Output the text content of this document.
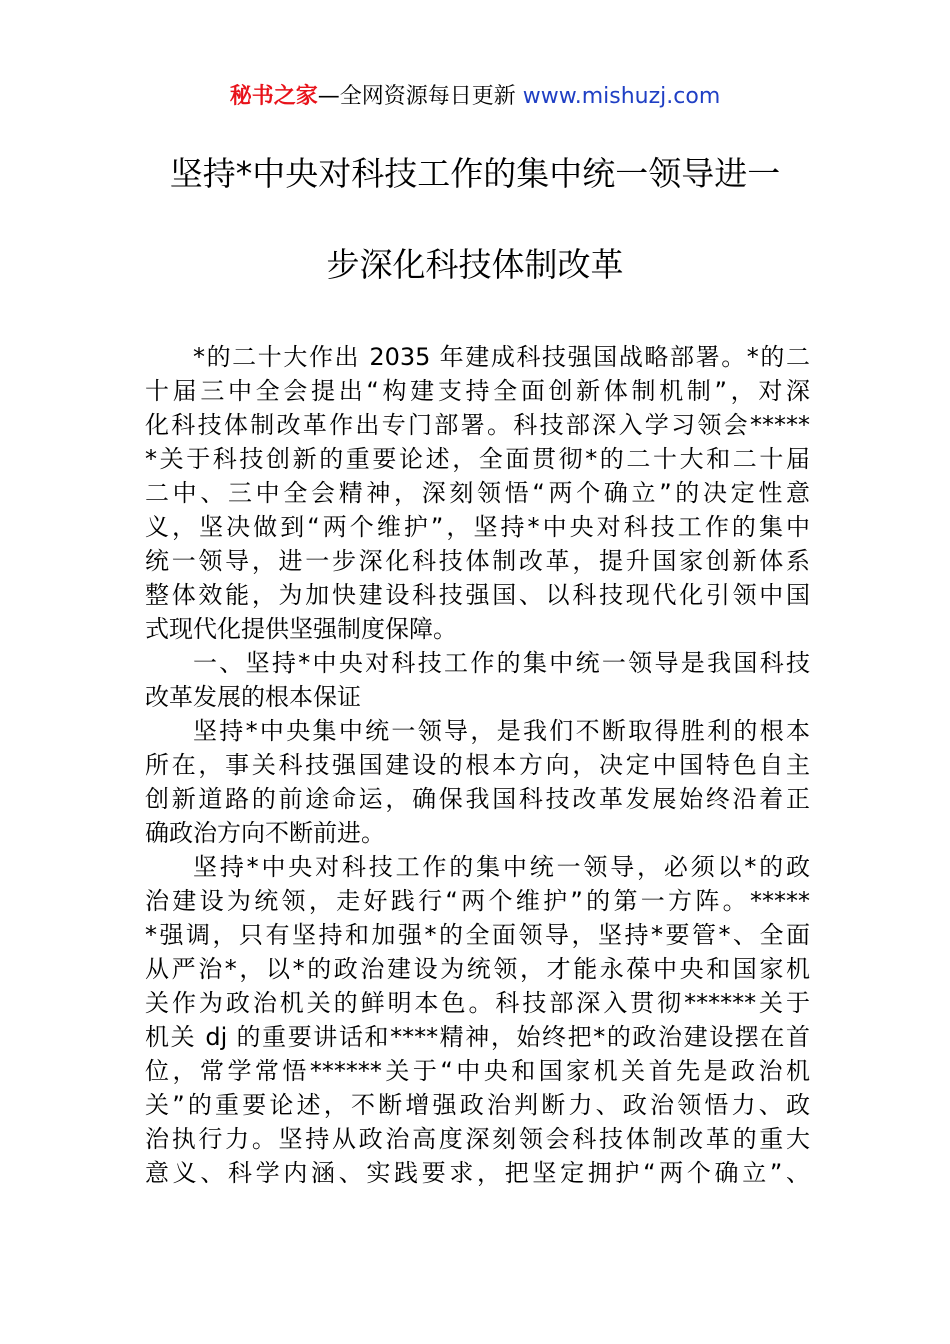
秘书之家—全网资源每日更新 www.mishuzj.com
坚持*中央对科技工作的集中统一领导进一
步深化科技体制改革
*的二十大作出 2035 年建成科技强国战略部署。*的二
十届三中全会提出“构建支持全面创新体制机制”，对深
化科技体制改革作出专门部署。科技部深入学习领会*****
*关于科技创新的重要论述，全面贯彻*的二十大和二十届
二中、三中全会精神，深刻领悟“两个确立”的决定性意
义，坚决做到“两个维护”，坚持*中央对科技工作的集中
统一领导，进一步深化科技体制改革，提升国家创新体系
整体效能，为加快建设科技强国、以科技现代化引领中国
式现代化提供坚强制度保障。
一、坚持*中央对科技工作的集中统一领导是我国科技
改革发展的根本保证
坚持*中央集中统一领导，是我们不断取得胜利的根本
所在，事关科技强国建设的根本方向，决定中国特色自主
创新道路的前途命运，确保我国科技改革发展始终沿着正
确政治方向不断前进。
坚持*中央对科技工作的集中统一领导，必须以*的政
治建设为统领，走好践行“两个维护”的第一方阵。*****
*强调，只有坚持和加强*的全面领导，坚持*要管*、全面
从严治*，以*的政治建设为统领，才能永葆中央和国家机
关作为政治机关的鲜明本色。科技部深入贯彻******关于
机关 dj 的重要讲话和****精神，始终把*的政治建设摆在首
位，常学常悟******关于“中央和国家机关首先是政治机
关”的重要论述，不断增强政治判断力、政治领悟力、政
治执行力。坚持从政治高度深刻领会科技体制改革的重大
意义、科学内涵、实践要求，把坚定拥护“两个确立”、
